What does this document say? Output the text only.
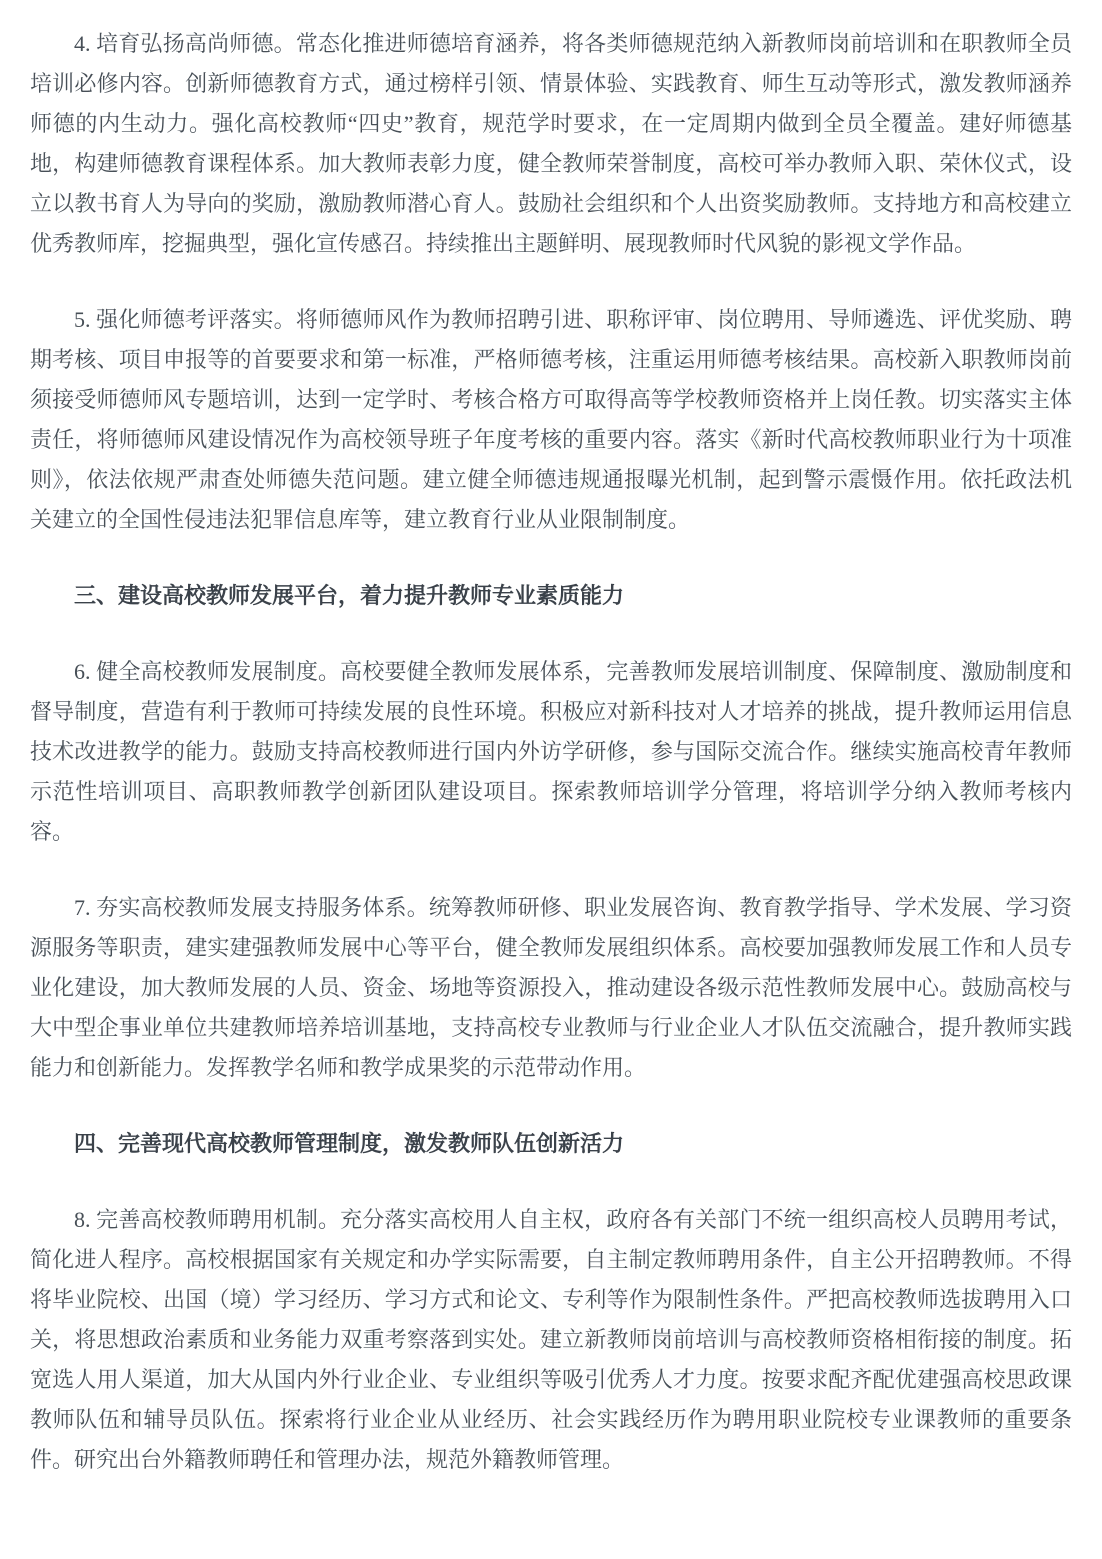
4. 培育弘扬高尚师德。常态化推进师德培育涵养，将各类师德规范纳入新教师岗前培训和在职教师全员培训必修内容。创新师德教育方式，通过榜样引领、情景体验、实践教育、师生互动等形式，激发教师涵养师德的内生动力。强化高校教师“四史”教育，规范学时要求，在一定周期内做到全员全覆盖。建好师德基地，构建师德教育课程体系。加大教师表彰力度，健全教师荣誉制度，高校可举办教师入职、荣休仪式，设立以教书育人为导向的奖励，激励教师潜心育人。鼓励社会组织和个人出资奖励教师。支持地方和高校建立优秀教师库，挖掘典型，强化宣传感召。持续推出主题鲜明、展现教师时代风貌的影视文学作品。

5. 强化师德考评落实。将师德师风作为教师招聘引进、职称评审、岗位聘用、导师遴选、评优奖励、聘期考核、项目申报等的首要要求和第一标准，严格师德考核，注重运用师德考核结果。高校新入职教师岗前须接受师德师风专题培训，达到一定学时、考核合格方可取得高等学校教师资格并上岗任教。切实落实主体责任，将师德师风建设情况作为高校领导班子年度考核的重要内容。落实《新时代高校教师职业行为十项准则》，依法依规严肃查处师德失范问题。建立健全师德违规通报曝光机制，起到警示震慑作用。依托政法机关建立的全国性侵违法犯罪信息库等，建立教育行业从业限制制度。

三、建设高校教师发展平台，着力提升教师专业素质能力

6. 健全高校教师发展制度。高校要健全教师发展体系，完善教师发展培训制度、保障制度、激励制度和督导制度，营造有利于教师可持续发展的良性环境。积极应对新科技对人才培养的挑战，提升教师运用信息技术改进教学的能力。鼓励支持高校教师进行国内外访学研修，参与国际交流合作。继续实施高校青年教师示范性培训项目、高职教师教学创新团队建设项目。探索教师培训学分管理，将培训学分纳入教师考核内容。

7. 夯实高校教师发展支持服务体系。统筹教师研修、职业发展咨询、教育教学指导、学术发展、学习资源服务等职责，建实建强教师发展中心等平台，健全教师发展组织体系。高校要加强教师发展工作和人员专业化建设，加大教师发展的人员、资金、场地等资源投入，推动建设各级示范性教师发展中心。鼓励高校与大中型企事业单位共建教师培养培训基地，支持高校专业教师与行业企业人才队伍交流融合，提升教师实践能力和创新能力。发挥教学名师和教学成果奖的示范带动作用。

四、完善现代高校教师管理制度，激发教师队伍创新活力

8. 完善高校教师聘用机制。充分落实高校用人自主权，政府各有关部门不统一组织高校人员聘用考试，简化进人程序。高校根据国家有关规定和办学实际需要，自主制定教师聘用条件，自主公开招聘教师。不得将毕业院校、出国（境）学习经历、学习方式和论文、专利等作为限制性条件。严把高校教师选拔聘用入口关，将思想政治素质和业务能力双重考察落到实处。建立新教师岗前培训与高校教师资格相衔接的制度。拓宽选人用人渠道，加大从国内外行业企业、专业组织等吸引优秀人才力度。按要求配齐配优建强高校思政课教师队伍和辅导员队伍。探索将行业企业从业经历、社会实践经历作为聘用职业院校专业课教师的重要条件。研究出台外籍教师聘任和管理办法，规范外籍教师管理。
